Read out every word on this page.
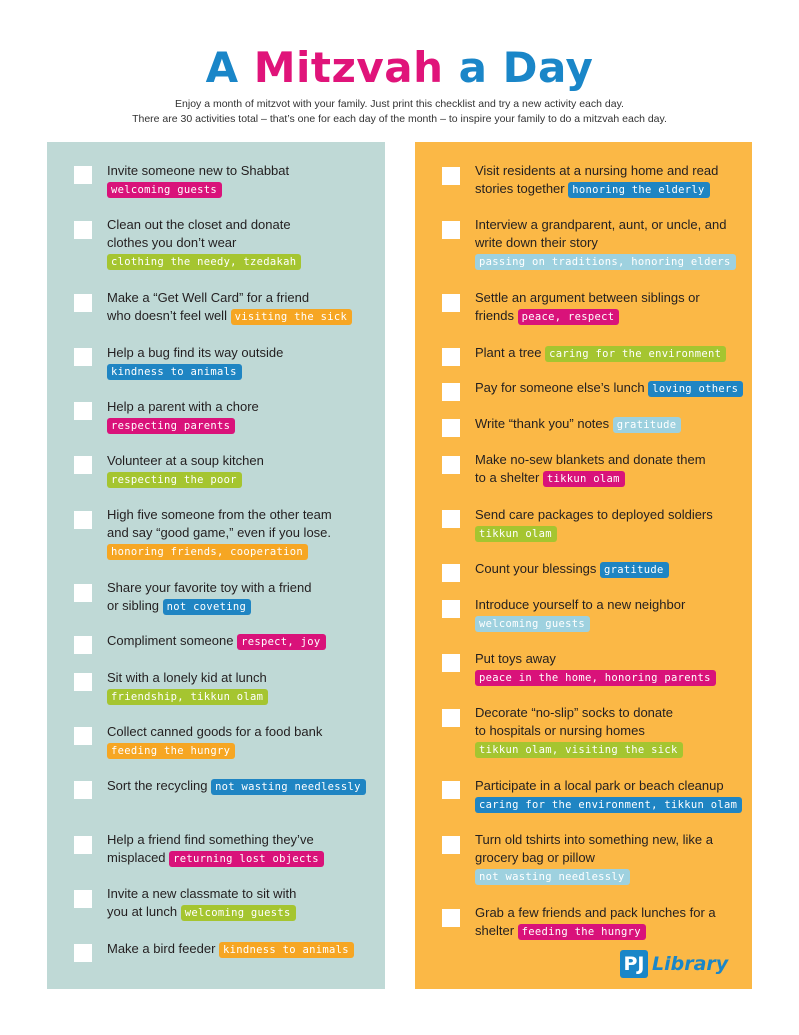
A Mitzvah a Day
Enjoy a month of mitzvot with your family. Just print this checklist and try a new activity each day.
There are 30 activities total – that’s one for each day of the month – to inspire your family to do a mitzvah each day.
Invite someone new to Shabbat
welcoming guests
Clean out the closet and donate
clothes you don’t wear clothing the needy, tzedakah
Make a “Get Well Card” for a friend
who doesn’t feel well visiting the sick
Help a bug find its way outside
kindness to animals
Help a parent with a chore respecting parents
Volunteer at a soup kitchen
respecting the poor
High five someone from the other team
and say “good game,” even if you lose. honoring friends, cooperation
Share your favorite toy with a friend
or sibling not coveting
Compliment someone respect, joy
Sit with a lonely kid at lunch
friendship, tikkun olam
Collect canned goods for a food bank
feeding the hungry
Sort the recycling not wasting needlessly
Help a friend find something they’ve
misplaced returning lost objects
Invite a new classmate to sit with
you at lunch welcoming guests
Make a bird feeder kindness to animals
Visit residents at a nursing home and read
stories together honoring the elderly
Interview a grandparent, aunt, or uncle, and
write down their story passing on traditions, honoring elders
Settle an argument between siblings or
friends peace, respect
Plant a tree caring for the environment
Pay for someone else’s lunch loving others
Write “thank you” notes gratitude
Make no-sew blankets and donate them
to a shelter tikkun olam
Send care packages to deployed soldiers
tikkun olam
Count your blessings gratitude
Introduce yourself to a new neighbor
welcoming guests
Put toys away
peace in the home, honoring parents
Decorate “no-slip” socks to donate
to hospitals or nursing homes tikkun olam, visiting the sick
Participate in a local park or beach cleanup
caring for the environment, tikkun olam
Turn old tshirts into something new, like a
grocery bag or pillow not wasting needlessly
Grab a few friends and pack lunches for a
shelter feeding the hungry
PJ Library
